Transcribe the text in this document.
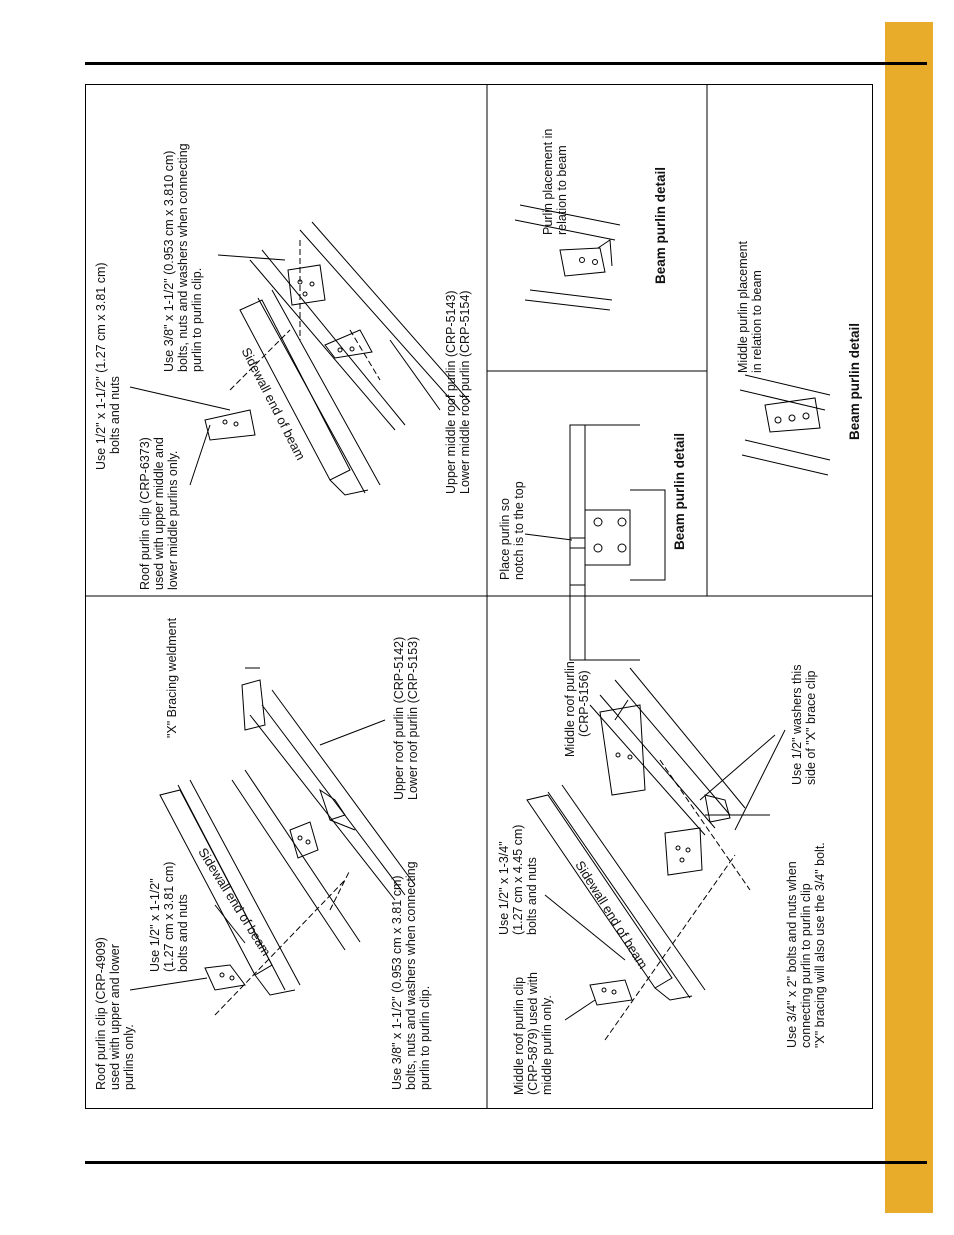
Roof purlin clip (CRP-4909) used with upper and lower purlins only.
Use 1/2" x 1-1/2" (1.27 cm x 3.81 cm) bolts and nuts	Use 3/8" x 1-1/2" (0.953 cm x 3.81 cm) bolts, nuts and washers when connecting purlin to purlin clip.
Sidewall end of beam
"X" Bracing weldment	Upper roof purlin (CRP-5142) Lower roof purlin (CRP-5153)
Roof purlin clip (CRP-6373) used with upper middle and lower middle purlins only.
Use 1/2" x 1-1/2" (1.27 cm x 3.81 cm) bolts and nuts
Use 3/8" x 1-1/2" (0.953 cm x 3.810 cm) bolts, nuts and washers when connecting purlin to purlin clip.
Sidewall end of beam	Upper middle roof purlin (CRP-5143) Lower middle roof purlin (CRP-5154)
Middle roof purlin clip (CRP-5879) used with middle purlin only.
Use 1/2" x 1-3/4" (1.27 cm x 4.45 cm) bolts and nuts	Sidewall end of beam
Middle roof purlin (CRP-5156)
Use 3/4" x 2" bolts and nuts when connecting purlin to purlin clip "X" bracing will also use the 3/4" bolt.
Use 1/2" washers this side of "X" brace clip
Place purlin so notch is to the top	Beam purlin detail
Purlin placement in relation to beam	Beam purlin detail
Middle purlin placement in relation to beam
Beam purlin detail
